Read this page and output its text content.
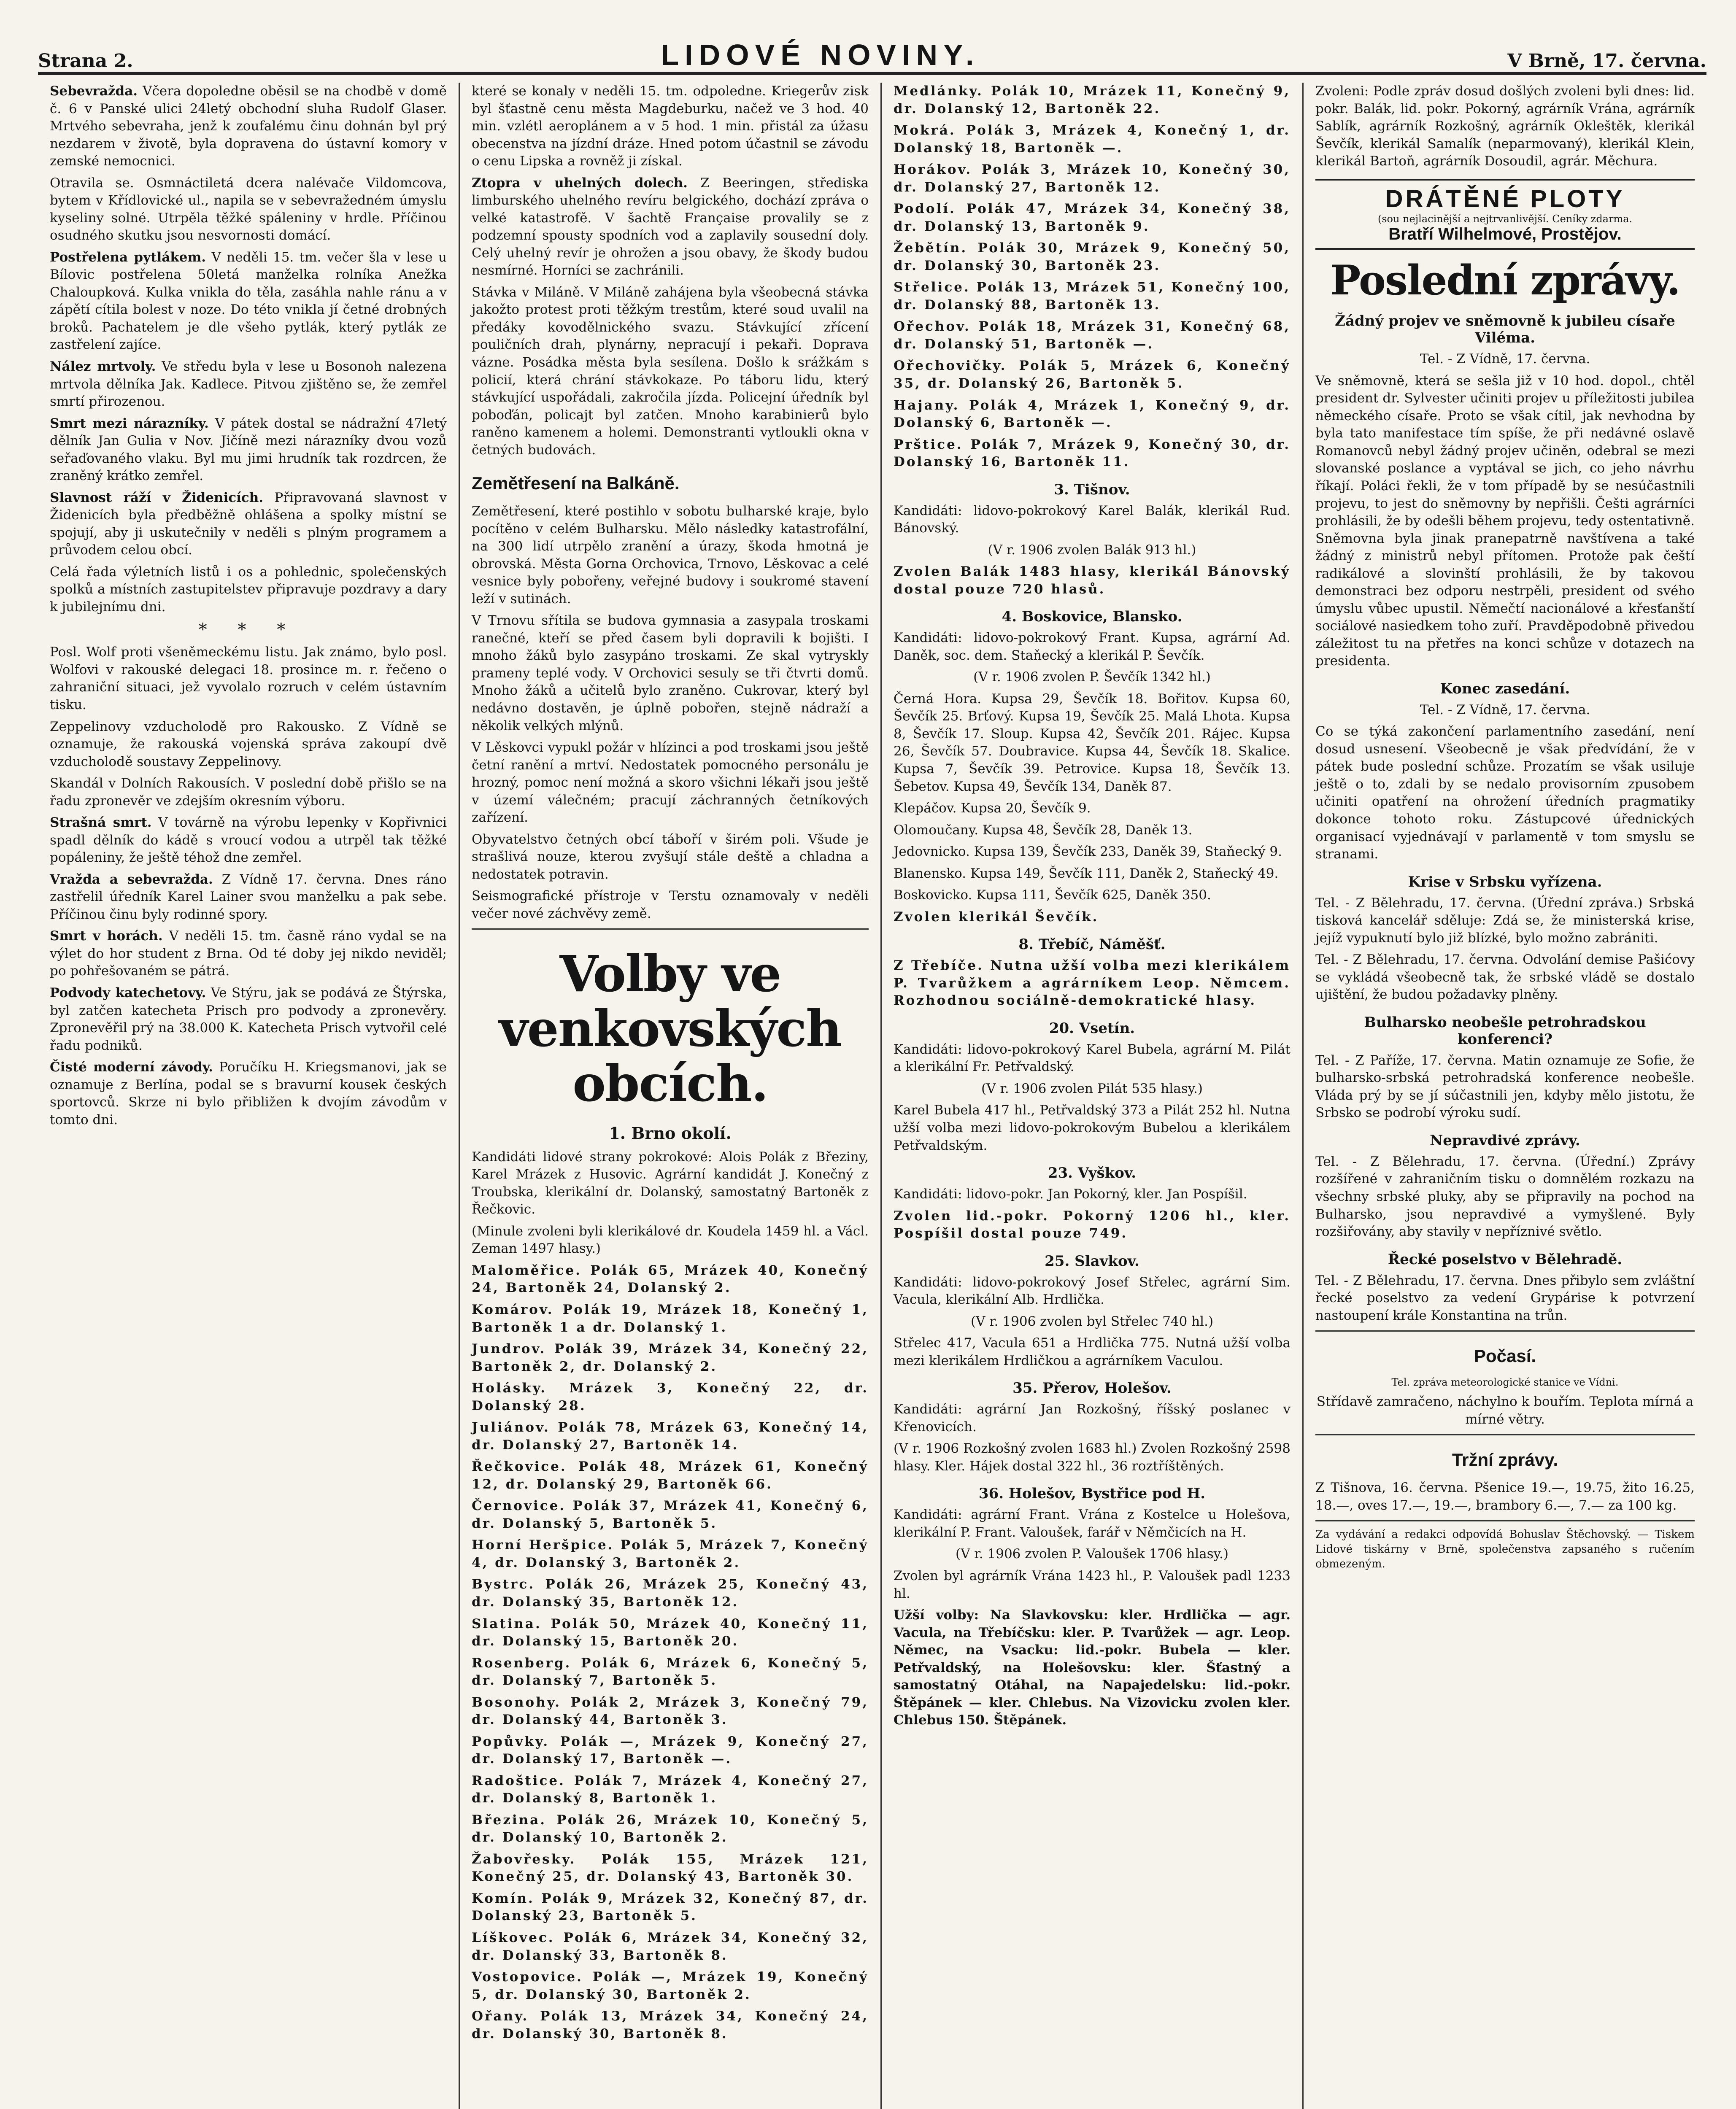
Strana 2.	LIDOVÉ NOVINY.	V Brně, 17. června.

Sebevražda. Včera dopoledne oběsil se na chodbě v domě č. 6 v Panské ulici 24letý obchodní sluha Rudolf Glaser. Mrtvého sebevraha, jenž k zoufalému činu dohnán byl prý nezdarem v životě, byla dopravena do ústavní komory v zemské nemocnici.

Otravila se. Osmnáctiletá dcera nalévače Vildomcova, bytem v Křídlovické ul., napila se v sebevražedném úmyslu kyseliny solné. Utrpěla těžké spáleniny v hrdle. Příčinou osudného skutku jsou nesvornosti domácí.

Postřelena pytlákem. V neděli 15. tm. večer šla v lese u Bílovic postřelena 50letá manželka rolníka Anežka Chaloupková. Kulka vnikla do těla, zasáhla nahle ránu a v zápětí cítila bolest v noze. Do této vnikla jí četné drobných broků. Pachatelem je dle všeho pytlák, který pytlák ze zastřelení zajíce.

Nález mrtvoly. Ve středu byla v lese u Bosonoh nalezena mrtvola dělníka Jak. Kadlece. Pitvou zjištěno se, že zemřel smrtí přirozenou.

Smrt mezi nárazníky. V pátek dostal se nádražní 47letý dělník Jan Gulia v Nov. Jičíně mezi nárazníky dvou vozů seřaďovaného vlaku. Byl mu jimi hrudník tak rozdrcen, že zraněný krátko zemřel.

Slavnost ráží v Židenicích. Připravovaná slavnost v Židenicích byla předběžně ohlášena a spolky místní se spojují, aby ji uskutečnily v neděli s plným programem a průvodem celou obcí.

Celá řada výletních listů i os a pohlednic, společenských spolků a místních zastupitelstev připravuje pozdravy a dary k jubilejnímu dni.

* * *

Posl. Wolf proti všeněmeckému listu. Jak známo, bylo posl. Wolfovi v rakouské delegaci 18. prosince m. r. řečeno o zahraniční situaci, jež vyvolalo rozruch v celém ústavním tisku.

Zeppelinovy vzducholodě pro Rakousko. Z Vídně se oznamuje, že rakouská vojenská správa zakoupí dvě vzducholodě soustavy Zeppelinovy.

Skandál v Dolních Rakousích. V poslední době přišlo se na řadu zpronevěr ve zdejším okresním výboru.

Strašná smrt. V továrně na výrobu lepenky v Kopřivnici spadl dělník do kádě s vroucí vodou a utrpěl tak těžké popáleniny, že ještě téhož dne zemřel.

Vražda a sebevražda. Z Vídně 17. června. Dnes ráno zastřelil úředník Karel Lainer svou manželku a pak sebe. Příčinou činu byly rodinné spory.

Smrt v horách. V neděli 15. tm. časně ráno vydal se na výlet do hor student z Brna. Od té doby jej nikdo neviděl; po pohřešovaném se pátrá.

Podvody katechetovy. Ve Stýru, jak se podává ze Štýrska, byl zatčen katecheta Prisch pro podvody a zpronevěry. Zpronevěřil prý na 38.000 K. Katecheta Prisch vytvořil celé řadu podniků.

Čisté moderní závody. Poručíku H. Kriegsmanovi, jak se oznamuje z Berlína, podal se s bravurní kousek českých sportovců. Skrze ni bylo přibližen k dvojím závodům v tomto dni.

které se konaly v neděli 15. tm. odpoledne. Kriegerův zisk byl šťastně cenu města Magdeburku, načež ve 3 hod. 40 min. vzlétl aeroplánem a v 5 hod. 1 min. přistál za úžasu obecenstva na jízdní dráze. Hned potom účastnil se závodu o cenu Lipska a rovněž ji získal.

Ztopra v uhelných dolech. Z Beeringen, střediska limburského uhelného revíru belgického, dochází zpráva o velké katastrofě. V šachtě Française provalily se z podzemní spousty spodních vod a zaplavily sousední doly. Celý uhelný revír je ohrožen a jsou obavy, že škody budou nesmírné. Horníci se zachránili.

Stávka v Miláně. V Miláně zahájena byla všeobecná stávka jakožto protest proti těžkým trestům, které soud uvalil na předáky kovodělnického svazu. Stávkující zřícení pouličních drah, plynárny, nepracují i pekaři. Doprava vázne. Posádka města byla sesílena. Došlo k srážkám s policií, která chrání stávkokaze. Po táboru lidu, který stávkující uspořádali, zakročila jízda. Policejní úředník byl poboďán, policajt byl zatčen. Mnoho karabinierů bylo raněno kamenem a holemi. Demonstranti vytloukli okna v četných budovách.

Zemětřesení na Balkáně.

Zemětřesení, které postihlo v sobotu bulharské kraje, bylo pocítěno v celém Bulharsku. Mělo následky katastrofální, na 300 lidí utrpělo zranění a úrazy, škoda hmotná je obrovská. Města Gorna Orchovica, Trnovo, Lěskovac a celé vesnice byly pobořeny, veřejné budovy i soukromé stavení leží v sutinách.

V Trnovu sřítila se budova gymnasia a zasypala troskami ranečné, kteří se před časem byli dopravili k bojišti. I mnoho žáků bylo zasypáno troskami. Ze skal vytryskly prameny teplé vody. V Orchovici sesuly se tři čtvrti domů. Mnoho žáků a učitelů bylo zraněno. Cukrovar, který byl nedávno dostavěn, je úplně pobořen, stejně nádraží a několik velkých mlýnů.

V Lěskovci vypukl požár v hlízinci a pod troskami jsou ještě četní ranění a mrtví. Nedostatek pomocného personálu je hrozný, pomoc není možná a skoro všichni lékaři jsou ještě v území válečném; pracují záchranných četníkových zařízení.

Obyvatelstvo četných obcí táboří v širém poli. Všude je strašlivá nouze, kterou zvyšují stále deště a chladna a nedostatek potravin.

Seismografické přístroje v Terstu oznamovaly v neděli večer nové záchvěvy země.

Volby ve venkovských obcích.
1. Brno okolí.

Kandidáti lidové strany pokrokové: Alois Polák z Březiny, Karel Mrázek z Husovic. Agrární kandidát J. Konečný z Troubska, klerikální dr. Dolanský, samostatný Bartoněk z Řečkovic.

(Minule zvoleni byli klerikálové dr. Koudela 1459 hl. a Václ. Zeman 1497 hlasy.)

Maloměřice. Polák 65, Mrázek 40, Konečný 24, Bartoněk 24, Dolanský 2.

Komárov. Polák 19, Mrázek 18, Konečný 1, Bartoněk 1 a dr. Dolanský 1.

Jundrov. Polák 39, Mrázek 34, Konečný 22, Bartoněk 2, dr. Dolanský 2.

Holásky. Mrázek 3, Konečný 22, dr. Dolanský 28.

Juliánov. Polák 78, Mrázek 63, Konečný 14, dr. Dolanský 27, Bartoněk 14.

Řečkovice. Polák 48, Mrázek 61, Konečný 12, dr. Dolanský 29, Bartoněk 66.

Černovice. Polák 37, Mrázek 41, Konečný 6, dr. Dolanský 5, Bartoněk 5.

Horní Heršpice. Polák 5, Mrázek 7, Konečný 4, dr. Dolanský 3, Bartoněk 2.

Bystrc. Polák 26, Mrázek 25, Konečný 43, dr. Dolanský 35, Bartoněk 12.

Slatina. Polák 50, Mrázek 40, Konečný 11, dr. Dolanský 15, Bartoněk 20.

Rosenberg. Polák 6, Mrázek 6, Konečný 5, dr. Dolanský 7, Bartoněk 5.

Bosonohy. Polák 2, Mrázek 3, Konečný 79, dr. Dolanský 44, Bartoněk 3.

Popůvky. Polák —, Mrázek 9, Konečný 27, dr. Dolanský 17, Bartoněk —.

Radoštice. Polák 7, Mrázek 4, Konečný 27, dr. Dolanský 8, Bartoněk 1.

Březina. Polák 26, Mrázek 10, Konečný 5, dr. Dolanský 10, Bartoněk 2.

Žabovřesky. Polák 155, Mrázek 121, Konečný 25, dr. Dolanský 43, Bartoněk 30.

Komín. Polák 9, Mrázek 32, Konečný 87, dr. Dolanský 23, Bartoněk 5.

Líškovec. Polák 6, Mrázek 34, Konečný 32, dr. Dolanský 33, Bartoněk 8.

Vostopovice. Polák —, Mrázek 19, Konečný 5, dr. Dolanský 30, Bartoněk 2.

Ořany. Polák 13, Mrázek 34, Konečný 24, dr. Dolanský 30, Bartoněk 8.

Medlánky. Polák 10, Mrázek 11, Konečný 9, dr. Dolanský 12, Bartoněk 22.

Mokrá. Polák 3, Mrázek 4, Konečný 1, dr. Dolanský 18, Bartoněk —.

Horákov. Polák 3, Mrázek 10, Konečný 30, dr. Dolanský 27, Bartoněk 12.

Podolí. Polák 47, Mrázek 34, Konečný 38, dr. Dolanský 13, Bartoněk 9.

Žebětín. Polák 30, Mrázek 9, Konečný 50, dr. Dolanský 30, Bartoněk 23.

Střelice. Polák 13, Mrázek 51, Konečný 100, dr. Dolanský 88, Bartoněk 13.

Ořechov. Polák 18, Mrázek 31, Konečný 68, dr. Dolanský 51, Bartoněk —.

Ořechovičky. Polák 5, Mrázek 6, Konečný 35, dr. Dolanský 26, Bartoněk 5.

Hajany. Polák 4, Mrázek 1, Konečný 9, dr. Dolanský 6, Bartoněk —.

Prštice. Polák 7, Mrázek 9, Konečný 30, dr. Dolanský 16, Bartoněk 11.

3. Tišnov.

Kandidáti: lidovo-pokrokový Karel Balák, klerikál Rud. Bánovský.

(V r. 1906 zvolen Balák 913 hl.)

Zvolen Balák 1483 hlasy, klerikál Bánovský dostal pouze 720 hlasů.

4. Boskovice, Blansko.

Kandidáti: lidovo-pokrokový Frant. Kupsa, agrární Ad. Daněk, soc. dem. Staňecký a klerikál P. Ševčík.

(V r. 1906 zvolen P. Ševčík 1342 hl.)

Černá Hora. Kupsa 29, Ševčík 18. Bořitov. Kupsa 60, Ševčík 25. Brťový. Kupsa 19, Ševčík 25. Malá Lhota. Kupsa 8, Ševčík 17. Sloup. Kupsa 42, Ševčík 201. Rájec. Kupsa 26, Ševčík 57. Doubravice. Kupsa 44, Ševčík 18. Skalice. Kupsa 7, Ševčík 39. Petrovice. Kupsa 18, Ševčík 13. Šebetov. Kupsa 49, Ševčík 134, Daněk 87.

Klepáčov. Kupsa 20, Ševčík 9.

Olomoučany. Kupsa 48, Ševčík 28, Daněk 13.

Jedovnicko. Kupsa 139, Ševčík 233, Daněk 39, Staňecký 9.

Blanensko. Kupsa 149, Ševčík 111, Daněk 2, Staňecký 49.

Boskovicko. Kupsa 111, Ševčík 625, Daněk 350.

Zvolen klerikál Ševčík.

8. Třebíč, Náměšť.

Z Třebíče. Nutna užší volba mezi klerikálem P. Tvarůžkem a agrárníkem Leop. Němcem. Rozhodnou sociálně-demokratické hlasy.

20. Vsetín.

Kandidáti: lidovo-pokrokový Karel Bubela, agrární M. Pilát a klerikální Fr. Petřvaldský.

(V r. 1906 zvolen Pilát 535 hlasy.)

Karel Bubela 417 hl., Petřvaldský 373 a Pilát 252 hl. Nutna užší volba mezi lidovo-pokrokovým Bubelou a klerikálem Petřvaldským.

23. Vyškov.

Kandidáti: lidovo-pokr. Jan Pokorný, kler. Jan Pospíšil.

Zvolen lid.-pokr. Pokorný 1206 hl., kler. Pospíšil dostal pouze 749.

25. Slavkov.

Kandidáti: lidovo-pokrokový Josef Střelec, agrární Sim. Vacula, klerikální Alb. Hrdlička.

(V r. 1906 zvolen byl Střelec 740 hl.)

Střelec 417, Vacula 651 a Hrdlička 775. Nutná užší volba mezi klerikálem Hrdličkou a agrárníkem Vaculou.

35. Přerov, Holešov.

Kandidáti: agrární Jan Rozkošný, říšský poslanec v Křenovicích.

(V r. 1906 Rozkošný zvolen 1683 hl.) Zvolen Rozkošný 2598 hlasy. Kler. Hájek dostal 322 hl., 36 roztříštěných.

36. Holešov, Bystřice pod H.

Kandidáti: agrární Frant. Vrána z Kostelce u Holešova, klerikální P. Frant. Valoušek, farář v Němčicích na H.

(V r. 1906 zvolen P. Valoušek 1706 hlasy.)

Zvolen byl agrárník Vrána 1423 hl., P. Valoušek padl 1233 hl.

Užší volby: Na Slavkovsku: kler. Hrdlička — agr. Vacula, na Třebíčsku: kler. P. Tvarůžek — agr. Leop. Němec, na Vsacku: lid.-pokr. Bubela — kler. Petřvaldský, na Holešovsku: kler. Šťastný a samostatný Otáhal, na Napajedelsku: lid.-pokr. Štěpánek — kler. Chlebus. Na Vizovicku zvolen kler. Chlebus 150. Štěpánek.

Zvoleni: Podle zpráv dosud došlých zvoleni byli dnes: lid. pokr. Balák, lid. pokr. Pokorný, agrárník Vrána, agrárník Sablík, agrárník Rozkošný, agrárník Okleštěk, klerikál Ševčík, klerikál Samalík (neparmovaný), klerikál Klein, klerikál Bartoň, agrárník Dosoudil, agrár. Měchura.

DRÁTĚNÉ PLOTY
(sou nejlacinější a nejtrvanlivější. Ceníky zdarma.
Bratří Wilhelmové, Prostějov.
Poslední zprávy.
Žádný projev ve sněmovně k jubileu císaře Viléma.

Tel. - Z Vídně, 17. června.

Ve sněmovně, která se sešla již v 10 hod. dopol., chtěl president dr. Sylvester učiniti projev u příležitosti jubilea německého císaře. Proto se však cítil, jak nevhodna by byla tato manifestace tím spíše, že při nedávné oslavě Romanovců nebyl žádný projev učiněn, odebral se mezi slovanské poslance a vyptával se jich, co jeho návrhu říkají. Poláci řekli, že v tom případě by se nesúčastnili projevu, to jest do sněmovny by nepřišli. Češti agrárníci prohlásili, že by odešli během projevu, tedy ostentativně. Sněmovna byla jinak pranepatrně navštívena a také žádný z ministrů nebyl přítomen. Protože pak čeští radikálové a slovinští prohlásili, že by takovou demonstraci bez odporu nestrpěli, president od svého úmyslu vůbec upustil. Němečtí nacionálové a křesťanští sociálové nasiedkem toho zuří. Pravděpodobně přivedou záležitost tu na přetřes na konci schůze v dotazech na presidenta.

Konec zasedání.

Tel. - Z Vídně, 17. června.

Co se týká zakončení parlamentního zasedání, není dosud usnesení. Všeobecně je však předvídání, že v pátek bude poslední schůze. Prozatím se však usiluje ještě o to, zdali by se nedalo provisorním zpusobem učiniti opatření na ohrožení úředních pragmatiky dokonce tohoto roku. Zástupcové úřednických organisací vyjednávají v parlamentě v tom smyslu se stranami.

Krise v Srbsku vyřízena.

Tel. - Z Bělehradu, 17. června. (Úřední zpráva.) Srbská tisková kancelář sděluje: Zdá se, že ministerská krise, jejíž vypuknutí bylo již blízké, bylo možno zabrániti.

Tel. - Z Bělehradu, 17. června. Odvolání demise Pašićovy se vykládá všeobecně tak, že srbské vládě se dostalo ujištění, že budou požadavky plněny.

Bulharsko neobešle petrohradskou konferenci?

Tel. - Z Paříže, 17. června. Matin oznamuje ze Sofie, že bulharsko-srbská petrohradská konference neobešle. Vláda prý by se jí súčastnili jen, kdyby mělo jistotu, že Srbsko se podrobí výroku sudí.

Nepravdivé zprávy.

Tel. - Z Bělehradu, 17. června. (Úřední.) Zprávy rozšířené v zahraničním tisku o domnělém rozkazu na všechny srbské pluky, aby se připravily na pochod na Bulharsko, jsou nepravdivé a vymyšlené. Byly rozšiřovány, aby stavily v nepříznivé světlo.

Řecké poselstvo v Bělehradě.

Tel. - Z Bělehradu, 17. června. Dnes přibylo sem zvláštní řecké poselstvo za vedení Grypárise k potvrzení nastoupení krále Konstantina na trůn.

Počasí.

Tel. zpráva meteorologické stanice ve Vídni.

Střídavě zamračeno, náchylno k bouřím. Teplota mírná a mírné větry.

Tržní zprávy.

Z Tišnova, 16. června. Pšenice 19.—, 19.75, žito 16.25, 18.—, oves 17.—, 19.—, brambory 6.—, 7.— za 100 kg.

Za vydávání a redakci odpovídá Bohuslav Štěchovský. — Tiskem Lidové tiskárny v Brně, společenstva zapsaného s ručením obmezeným.
